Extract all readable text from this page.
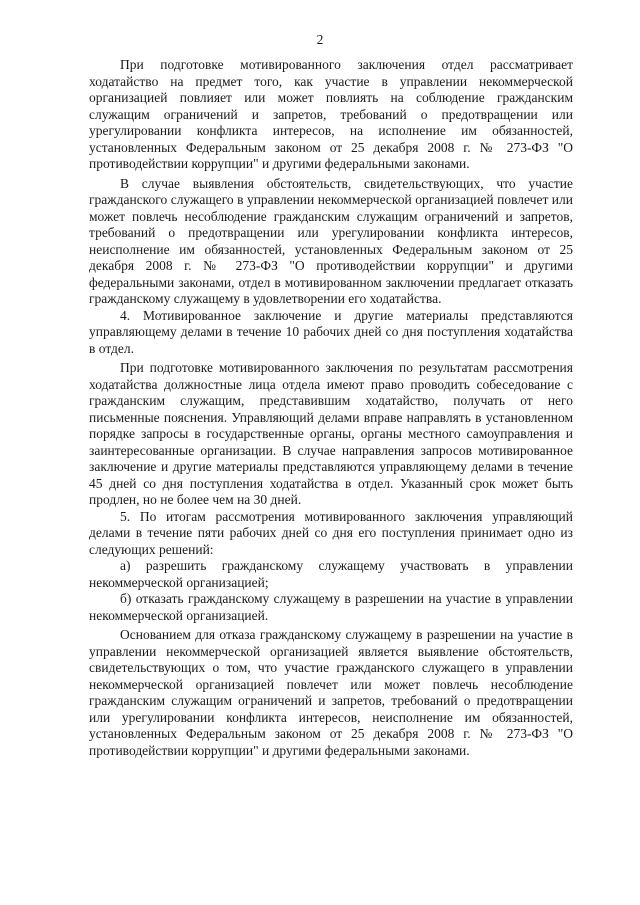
2

При подготовке мотивированного заключения отдел рассматривает ходатайство на предмет того, как участие в управлении некоммерческой организацией повлияет или может повлиять на соблюдение гражданским служащим ограничений и запретов, требований о предотвращении или урегулировании конфликта интересов, на исполнение им обязанностей, установленных Федеральным законом от 25 декабря 2008 г. № 273-ФЗ "О противодействии коррупции" и другими федеральными законами.

В случае выявления обстоятельств, свидетельствующих, что участие гражданского служащего в управлении некоммерческой организацией повлечет или может повлечь несоблюдение гражданским служащим ограничений и запретов, требований о предотвращении или урегулировании конфликта интересов, неисполнение им обязанностей, установленных Федеральным законом от 25 декабря 2008 г. № 273-ФЗ "О противодействии коррупции" и другими федеральными законами, отдел в мотивированном заключении предлагает отказать гражданскому служащему в удовлетворении его ходатайства.

4. Мотивированное заключение и другие материалы представляются управляющему делами в течение 10 рабочих дней со дня поступления ходатайства в отдел.

При подготовке мотивированного заключения по результатам рассмотрения ходатайства должностные лица отдела имеют право проводить собеседование с гражданским служащим, представившим ходатайство, получать от него письменные пояснения. Управляющий делами вправе направлять в установленном порядке запросы в государственные органы, органы местного самоуправления и заинтересованные организации. В случае направления запросов мотивированное заключение и другие материалы представляются управляющему делами в течение 45 дней со дня поступления ходатайства в отдел. Указанный срок может быть продлен, но не более чем на 30 дней.

5. По итогам рассмотрения мотивированного заключения управляющий делами в течение пяти рабочих дней со дня его поступления принимает одно из следующих решений:

а) разрешить гражданскому служащему участвовать в управлении некоммерческой организацией;

б) отказать гражданскому служащему в разрешении на участие в управлении некоммерческой организацией.

Основанием для отказа гражданскому служащему в разрешении на участие в управлении некоммерческой организацией является выявление обстоятельств, свидетельствующих о том, что участие гражданского служащего в управлении некоммерческой организацией повлечет или может повлечь несоблюдение гражданским служащим ограничений и запретов, требований о предотвращении или урегулировании конфликта интересов, неисполнение им обязанностей, установленных Федеральным законом от 25 декабря 2008 г. № 273-ФЗ "О противодействии коррупции" и другими федеральными законами.
